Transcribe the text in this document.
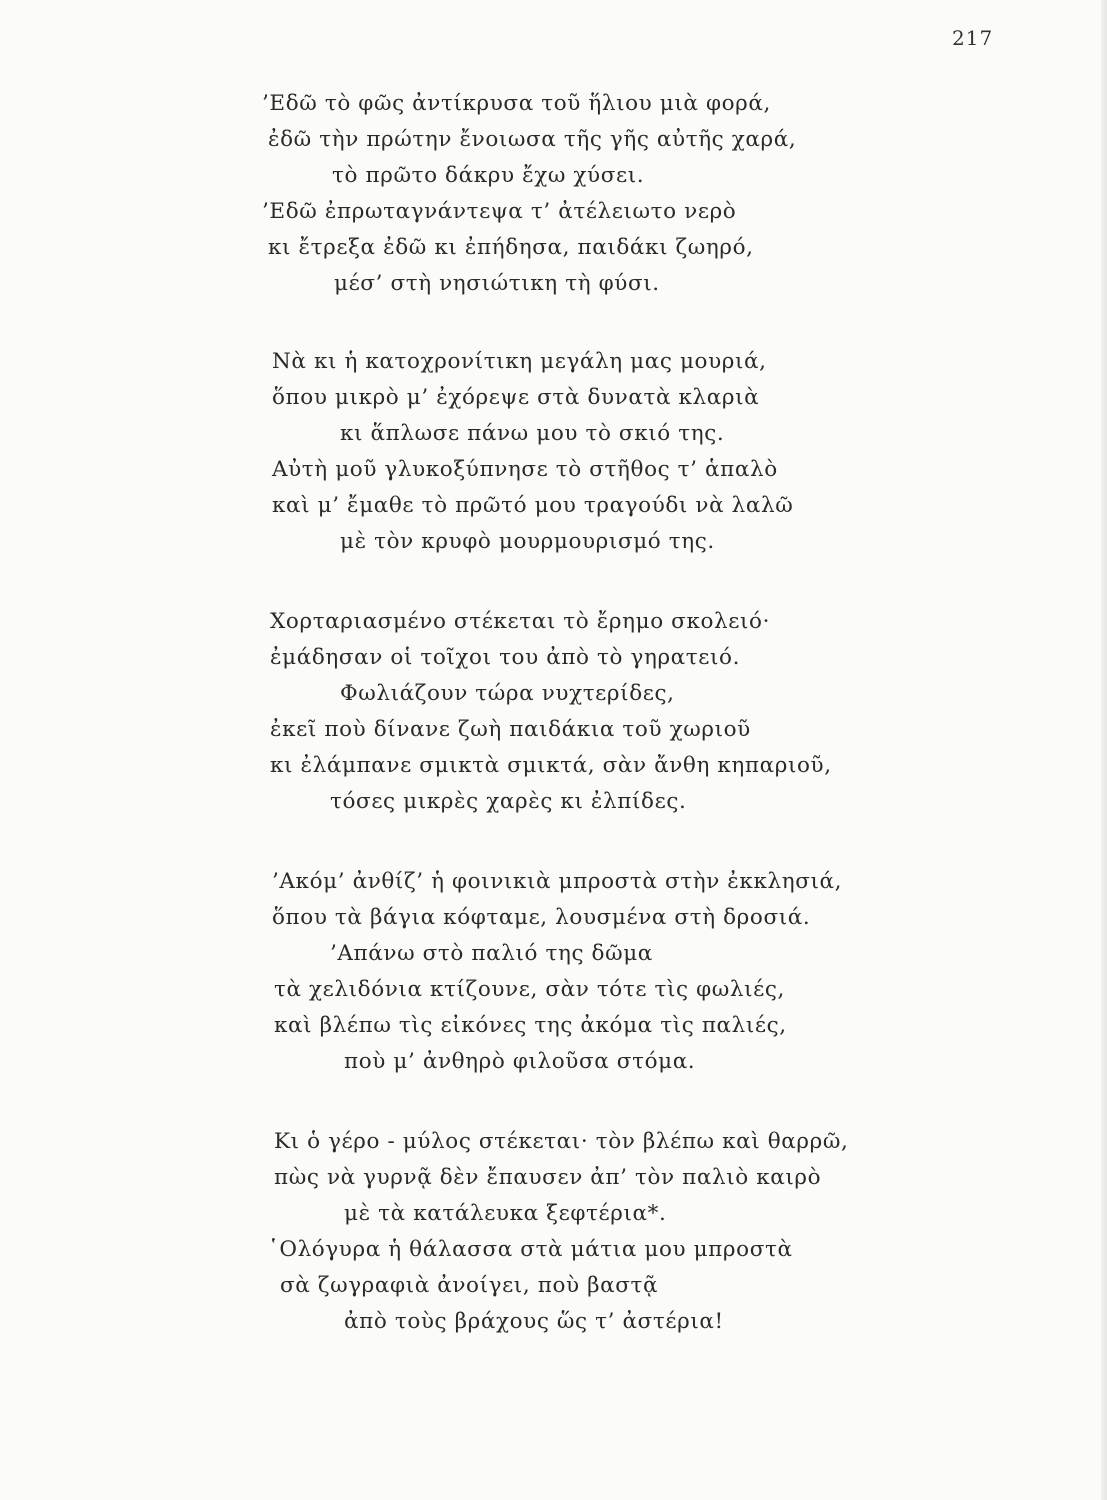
217
’Εδῶ τὸ φῶς ἀντίκρυσα τοῦ ἥλιου μιὰ φορά,
ἐδῶ τὴν πρώτην ἔνοιωσα τῆς γῆς αὐτῆς χαρά,
τὸ πρῶτο δάκρυ ἔχω χύσει.
’Εδῶ ἐπρωταγνάντεψα τ’ ἀτέλειωτο νερὸ
κι ἔτρεξα ἐδῶ κι ἐπήδησα, παιδάκι ζωηρό,
μέσ’ στὴ νησιώτικη τὴ φύσι.
Νὰ κι ἡ κατοχρονίτικη μεγάλη μας μουριά,
ὅπου μικρὸ μ’ ἐχόρεψε στὰ δυνατὰ κλαριὰ
κι ἅπλωσε πάνω μου τὸ σκιό της.
Αὐτὴ μοῦ γλυκοξύπνησε τὸ στῆθος τ’ ἁπαλὸ
καὶ μ’ ἔμαθε τὸ πρῶτό μου τραγούδι νὰ λαλῶ
μὲ τὸν κρυφὸ μουρμουρισμό της.
Χορταριασμένο στέκεται τὸ ἔρημο σκολειό·
ἐμάδησαν οἱ τοῖχοι του ἀπὸ τὸ γηρατειό.
Φωλιάζουν τώρα νυχτερίδες,
ἐκεῖ ποὺ δίνανε ζωὴ παιδάκια τοῦ χωριοῦ
κι ἐλάμπανε σμικτὰ σμικτά, σὰν ἄνθη κηπαριοῦ,
τόσες μικρὲς χαρὲς κι ἐλπίδες.
’Ακόμ’ ἀνθίζ’ ἡ φοινικιὰ μπροστὰ στὴν ἐκκλησιά,
ὅπου τὰ βάγια κόφταμε, λουσμένα στὴ δροσιά.
’Απάνω στὸ παλιό της δῶμα
τὰ χελιδόνια κτίζουνε, σὰν τότε τὶς φωλιές,
καὶ βλέπω τὶς εἰκόνες της ἀκόμα τὶς παλιές,
ποὺ μ’ ἀνθηρὸ φιλοῦσα στόμα.
Κι ὁ γέρο - μύλος στέκεται· τὸν βλέπω καὶ θαρρῶ,
πὼς νὰ γυρνᾷ δὲν ἔπαυσεν ἀπ’ τὸν παλιὸ καιρὸ
μὲ τὰ κατάλευκα ξεφτέρια*.
῾Ολόγυρα ἡ θάλασσα στὰ μάτια μου μπροστὰ
σὰ ζωγραφιὰ ἀνοίγει, ποὺ βαστᾷ
ἀπὸ τοὺς βράχους ὥς τ’ ἀστέρια!
